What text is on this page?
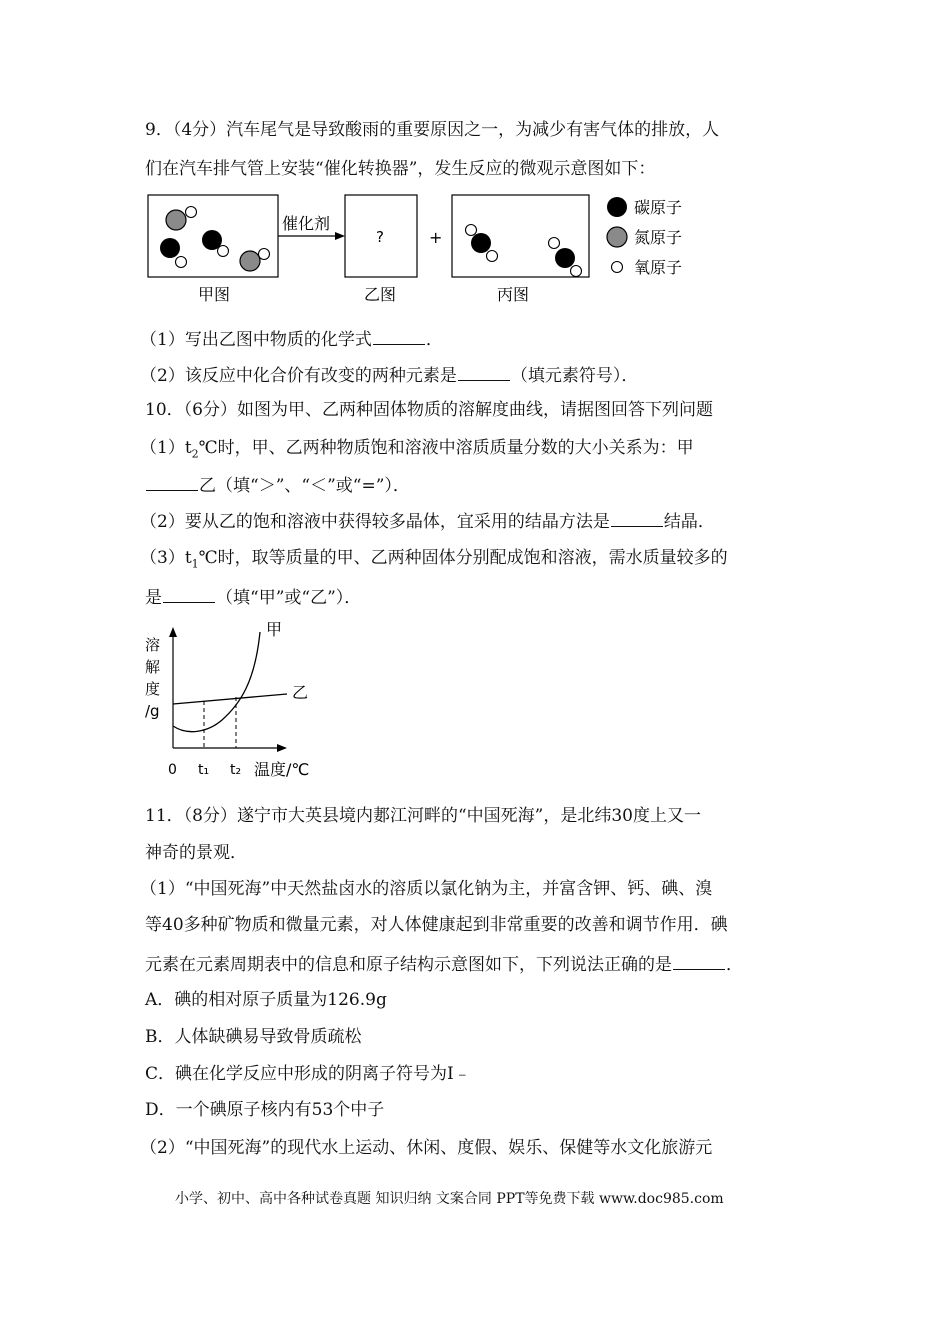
9．（4分）汽车尾气是导致酸雨的重要原因之一，为减少有害气体的排放，人
们在汽车排气管上安装“催化转换器”，发生反应的微观示意图如下：
催化剂
?	+
甲图	乙图	丙图
碳原子
氮原子
氧原子
（1）写出乙图中物质的化学式	．
（2）该反应中化合价有改变的两种元素是	（填元素符号）．
10．（6分）如图为甲、乙两种固体物质的溶解度曲线，请据图回答下列问题
$(1)t_2℃$时，甲、乙两种物质饱和溶液中溶质质量分数的大小关系为：甲
乙（填“＞”、“＜”或“=”）．
（2）要从乙的饱和溶液中获得较多晶体，宜采用的结晶方法是	结晶．
$(3)t_1℃$时，取等质量的甲、乙两种固体分别配成饱和溶液，需水质量较多的
是	（填“甲”或“乙”）．
溶
解
度
/g
甲
乙
0 t₁ t₂ 温度/℃
11．（8分）遂宁市大英县境内郪江河畔的“中国死海”，是北纬30度上又一
神奇的景观．
（1）“中国死海”中天然盐卤水的溶质以氯化钠为主，并富含钾、钙、碘、溴
等40多种矿物质和微量元素，对人体健康起到非常重要的改善和调节作用．碘
元素在元素周期表中的信息和原子结构示意图如下，下列说法正确的是	．
A．碘的相对原子质量为126.9g
B．人体缺碘易导致骨质疏松
C．碘在化学反应中形成的阴离子符号为I﹣
D．一个碘原子核内有53个中子
（2）“中国死海”的现代水上运动、休闲、度假、娱乐、保健等水文化旅游元
小学、初中、高中各种试卷真题 知识归纳 文案合同 PPT等免费下载 www.doc985.com
